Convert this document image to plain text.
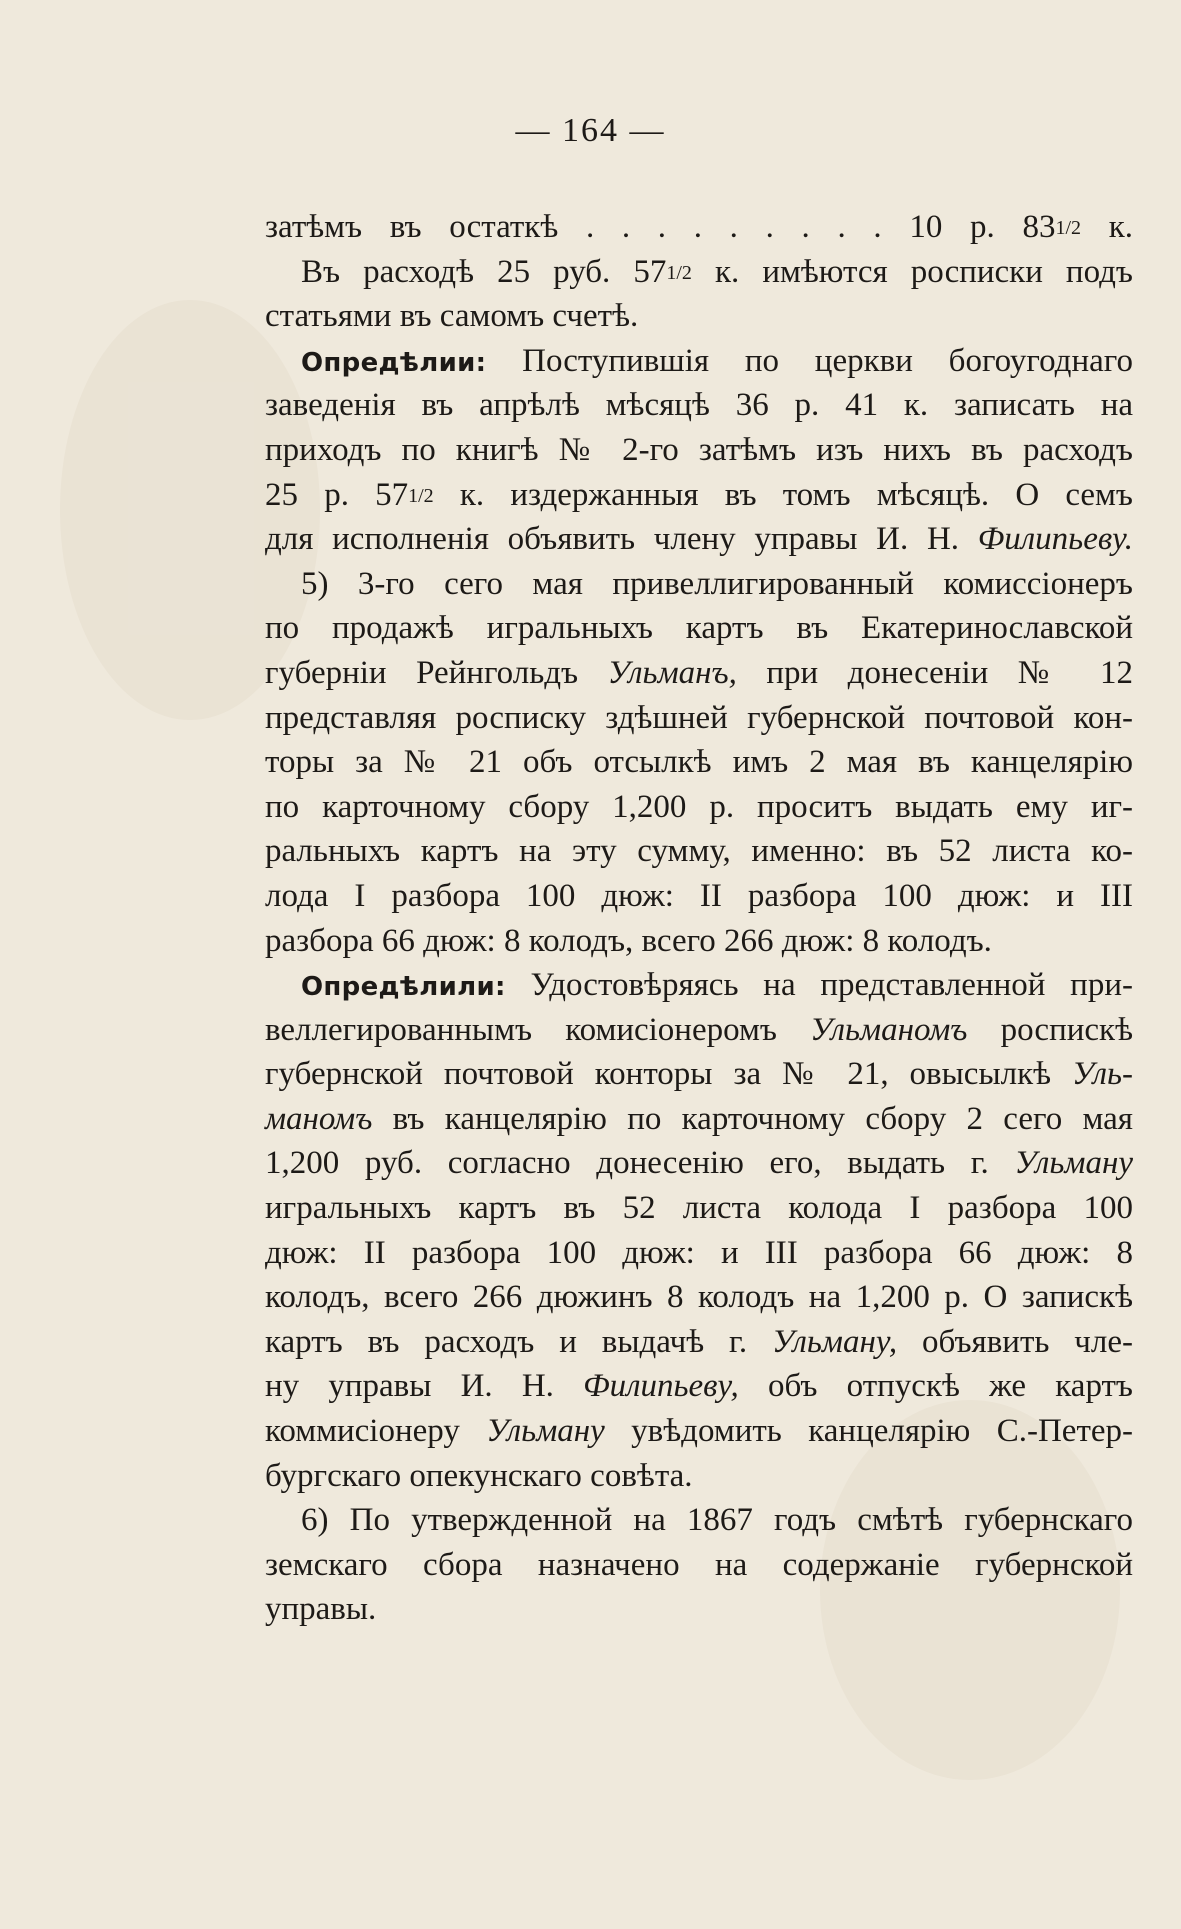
— 164 —
затѣмъ въ остаткѣ . . . . . . . . . 10 р. 831/2 к.
Въ расходѣ 25 руб. 571/2 к. имѣются росписки подъ
статьями въ самомъ счетѣ.
Опредѣлии: Поступившія по церкви богоугоднаго
заведенія въ апрѣлѣ мѣсяцѣ 36 р. 41 к. записать на
приходъ по книгѣ № 2-го затѣмъ изъ нихъ въ расходъ
25 р. 571/2 к. издержанныя въ томъ мѣсяцѣ. О семъ
для исполненія объявить члену управы И. Н. Филипьеву.
5) 3-го сего мая привеллигированный комиссіонеръ
по продажѣ игральныхъ картъ въ Екатеринославской
губерніи Рейнгольдъ Ульманъ, при донесеніи № 12
представляя росписку здѣшней губернской почтовой кон-
торы за № 21 объ отсылкѣ имъ 2 мая въ канцелярію
по карточному сбору 1,200 р. проситъ выдать ему иг-
ральныхъ картъ на эту сумму, именно: въ 52 листа ко-
лода I разбора 100 дюж: II разбора 100 дюж: и III
разбора 66 дюж: 8 колодъ, всего 266 дюж: 8 колодъ.
Опредѣлили: Удостовѣряясь на представленной при-
веллегированнымъ комисіонеромъ Ульманомъ роспискѣ
губернской почтовой конторы за № 21, овысылкѣ Уль-
маномъ въ канцелярію по карточному сбору 2 сего мая
1,200 руб. согласно донесенію его, выдать г. Ульману
игральныхъ картъ въ 52 листа колода I разбора 100
дюж: II разбора 100 дюж: и III разбора 66 дюж: 8
колодъ, всего 266 дюжинъ 8 колодъ на 1,200 р. О запискѣ
картъ въ расходъ и выдачѣ г. Ульману, объявить чле-
ну управы И. Н. Филипьеву, объ отпускѣ же картъ
коммисіонеру Ульману увѣдомить канцелярію С.-Петер-
бургскаго опекунскаго совѣта.
6) По утвержденной на 1867 годъ смѣтѣ губернскаго
земскаго сбора назначено на содержаніе губернской
управы.
